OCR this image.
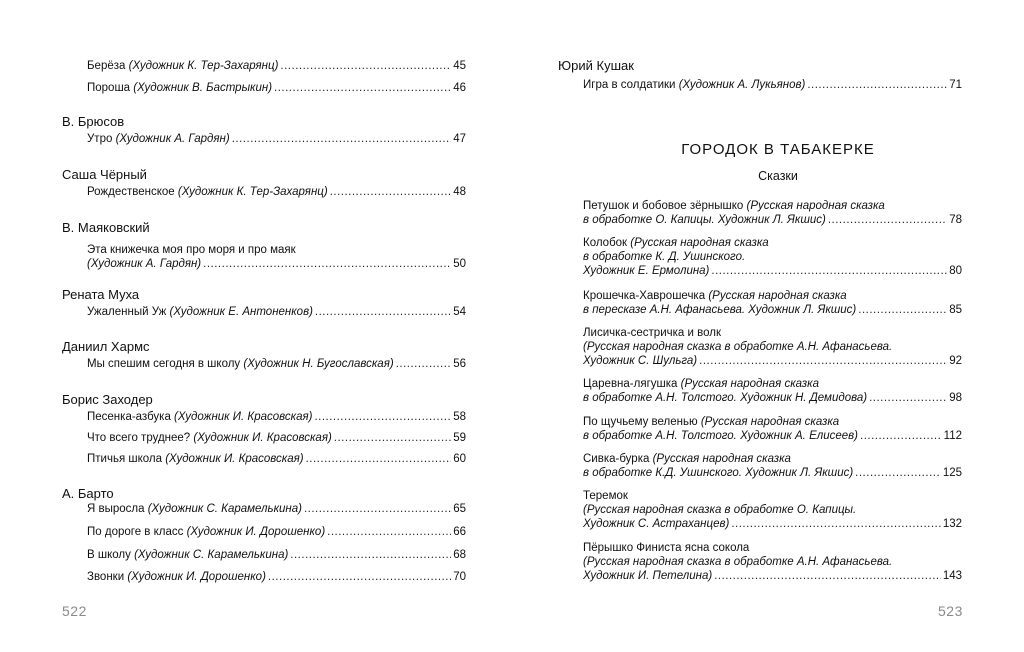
Берёза (Художник К. Тер-Захарянц) .....	45
Пороша (Художник В. Бастрыкин) .....	46
В. Брюсов
Утро (Художник А. Гардян) .....	47
Саша Чёрный
Рождественское (Художник К. Тер-Захарянц) .....	48
В. Маяковский
Эта книжечка моя про моря и про маяк
(Художник А. Гардян) .....	50
Рената Муха
Ужаленный Уж (Художник Е. Антоненков) .....	54
Даниил Хармс
Мы спешим сегодня в школу (Художник Н. Бугославская) .....	56
Борис Заходер
Песенка-азбука (Художник И. Красовская) .....	58
Что всего труднее? (Художник И. Красовская) .....	59
Птичья школа (Художник И. Красовская) .....	60
А. Барто
Я выросла (Художник С. Карамелькина) .....	65
По дороге в класс (Художник И. Дорошенко) .....	66
В школу (Художник С. Карамелькина) .....	68
Звонки (Художник И. Дорошенко) .....	70
ГОРОДОК В ТАБАКЕРКЕ
Сказки
Юрий Кушак
Игра в солдатики (Художник А. Лукьянов) .....	71
Петушок и бобовое зёрнышко (Русская народная сказка
в обработке О. Капицы. Художник Л. Якшис) .....	78
Колобок (Русская народная сказка
в обработке К. Д. Ушинского.
Художник Е. Ермолина) .....	80
Крошечка-Хаврошечка (Русская народная сказка
в пересказе А.Н. Афанасьева. Художник Л. Якшис) .....	85
Лисичка-сестричка и волк
(Русская народная сказка в обработке А.Н. Афанасьева.
Художник С. Шульга) .....	92
Царевна-лягушка (Русская народная сказка
в обработке А.Н. Толстого. Художник Н. Демидова) .....	98
По щучьему веленью (Русская народная сказка
в обработке А.Н. Толстого. Художник А. Елисеев) .....	112
Сивка-бурка (Русская народная сказка
в обработке К.Д. Ушинского. Художник Л. Якшис) .....	125
Теремок
(Русская народная сказка в обработке О. Капицы.
Художник С. Астраханцев) .....	132
Пёрышко Финиста ясна сокола
(Русская народная сказка в обработке А.Н. Афанасьева.
Художник И. Петелина) .....	143
522	523
